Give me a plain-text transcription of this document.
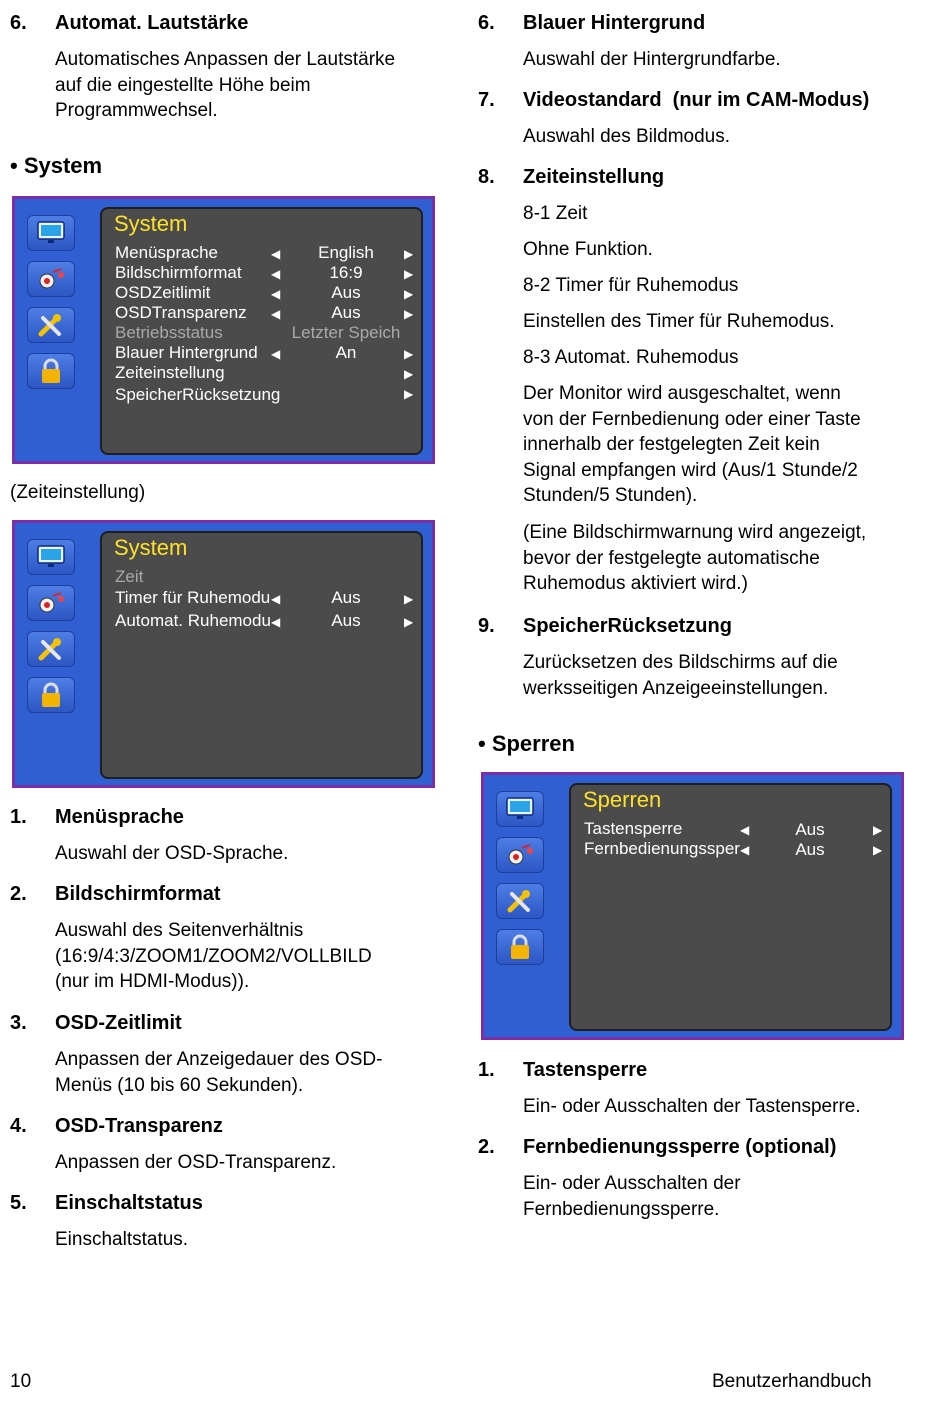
6. Automat. Lautstärke
Automatisches Anpassen der Lautstärke
auf die eingestellte Höhe beim
Programmwechsel.
• System
System
Menüsprache
Bildschirmformat
OSDZeitlimit
OSDTransparenz
Betriebsstatus
Blauer Hintergrund
Zeiteinstellung
SpeicherRücksetzung
◀
◀
◀
◀
◀
English
16:9
Aus
Aus
Letzter Speich
An
▶
▶
▶
▶
▶
▶
▶
(Zeiteinstellung)
System
Zeit
Timer für Ruhemodu
Automat. Ruhemodu
◀
◀
Aus
Aus
▶
▶
1. Menüsprache
Auswahl der OSD-Sprache.
2. Bildschirmformat
Auswahl des Seitenverhältnis
(16:9/4:3/ZOOM1/ZOOM2/VOLLBILD
(nur im HDMI-Modus)).
3. OSD-Zeitlimit
Anpassen der Anzeigedauer des OSD-
Menüs (10 bis 60 Sekunden).
4. OSD-Transparenz
Anpassen der OSD-Transparenz.
5. Einschaltstatus
Einschaltstatus.
6. Blauer Hintergrund
Auswahl der Hintergrundfarbe.
7. Videostandard  (nur im CAM-Modus)
Auswahl des Bildmodus.
8. Zeiteinstellung
8-1 Zeit
Ohne Funktion.
8-2 Timer für Ruhemodus
Einstellen des Timer für Ruhemodus.
8-3 Automat. Ruhemodus
Der Monitor wird ausgeschaltet, wenn
von der Fernbedienung oder einer Taste
innerhalb der festgelegten Zeit kein
Signal empfangen wird (Aus/1 Stunde/2
Stunden/5 Stunden).
(Eine Bildschirmwarnung wird angezeigt,
bevor der festgelegte automatische
Ruhemodus aktiviert wird.)
9. SpeicherRücksetzung
Zurücksetzen des Bildschirms auf die
werksseitigen Anzeigeeinstellungen.
• Sperren
Sperren
Tastensperre
Fernbedienungssper
◀
◀
Aus
Aus
▶
▶
1. Tastensperre
Ein- oder Ausschalten der Tastensperre.
2. Fernbedienungssperre (optional)
Ein- oder Ausschalten der
Fernbedienungssperre.
10	Benutzerhandbuch
